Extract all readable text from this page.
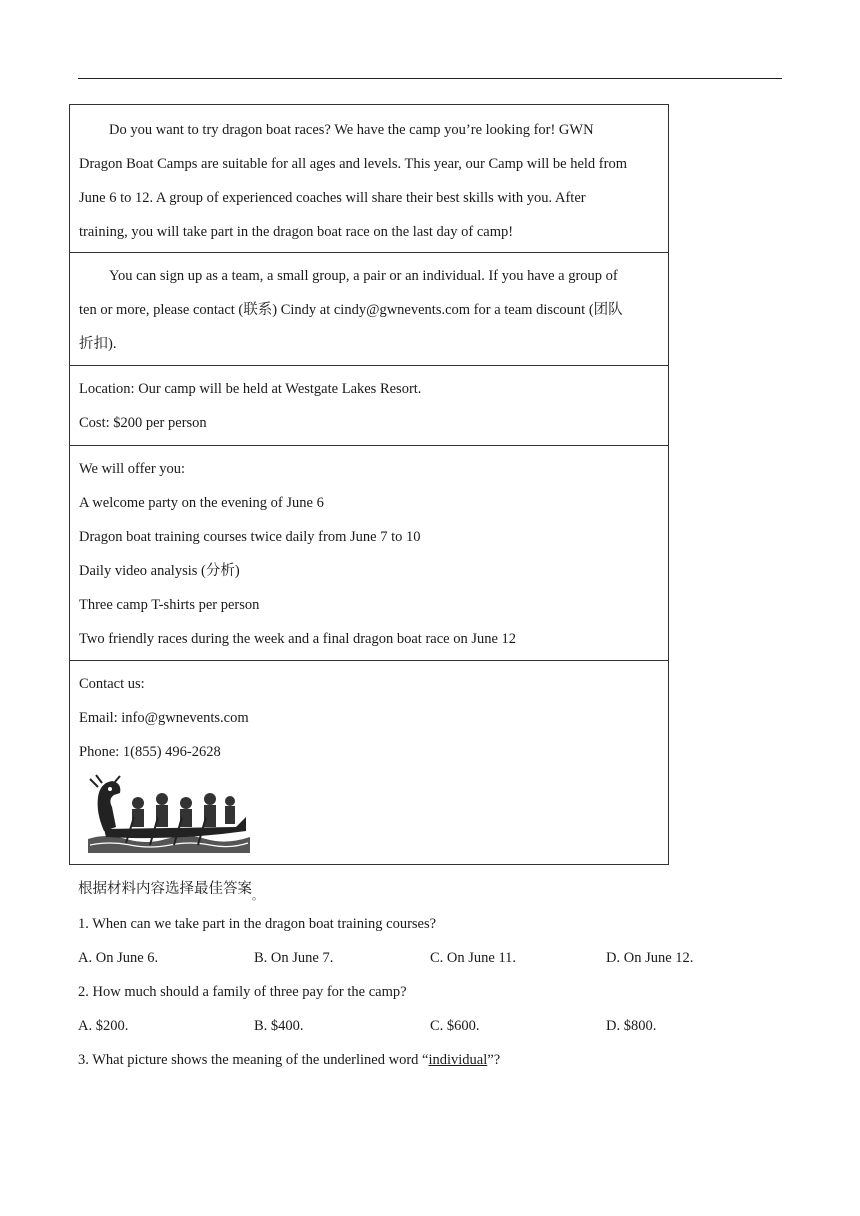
Do you want to try dragon boat races? We have the camp you’re looking for! GWN
Dragon Boat Camps are suitable for all ages and levels. This year, our Camp will be held from
June 6 to 12. A group of experienced coaches will share their best skills with you. After
training, you will take part in the dragon boat race on the last day of camp!
You can sign up as a team, a small group, a pair or an individual. If you have a group of
ten or more, please contact (联系) Cindy at cindy@gwnevents.com for a team discount (团队
折扣).
Location: Our camp will be held at Westgate Lakes Resort.
Cost: $200 per person
We will offer you:
A welcome party on the evening of June 6
Dragon boat training courses twice daily from June 7 to 10
Daily video analysis (分析)
Three camp T-shirts per person
Two friendly races during the week and a final dragon boat race on June 12
Contact us:
Email: info@gwnevents.com
Phone: 1(855) 496-2628
根据材料内容选择最佳答案$_。$
1. When can we take part in the dragon boat training courses?
A. On June 6.	B. On June 7.	C. On June 11.	D. On June 12.
2. How much should a family of three pay for the camp?
A. $200.	B. $400.	C. $600.	D. $800.
3. What picture shows the meaning of the underlined word “individual”?
